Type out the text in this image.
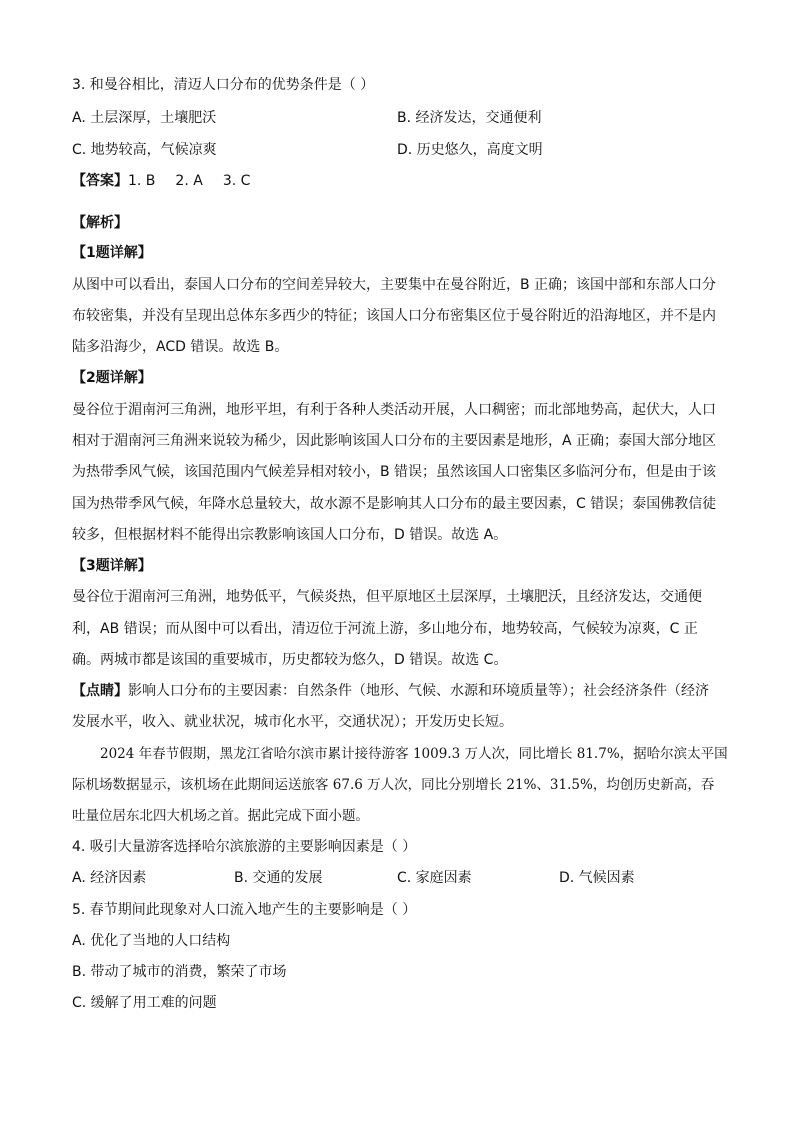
3. 和曼谷相比，清迈人口分布的优势条件是（ ）
A. 土层深厚，土壤肥沃	B. 经济发达，交通便利
C. 地势较高，气候凉爽	D. 历史悠久，高度文明
【答案】1. B 2. A 3. C
【解析】
【1题详解】
从图中可以看出，泰国人口分布的空间差异较大，主要集中在曼谷附近，B 正确；该国中部和东部人口分
布较密集，并没有呈现出总体东多西少的特征；该国人口分布密集区位于曼谷附近的沿海地区，并不是内
陆多沿海少，ACD 错误。故选 B。
【2题详解】
曼谷位于湄南河三角洲，地形平坦，有利于各种人类活动开展，人口稠密；而北部地势高，起伏大，人口
相对于湄南河三角洲来说较为稀少，因此影响该国人口分布的主要因素是地形，A 正确；泰国大部分地区
为热带季风气候，该国范围内气候差异相对较小，B 错误；虽然该国人口密集区多临河分布，但是由于该
国为热带季风气候，年降水总量较大，故水源不是影响其人口分布的最主要因素，C 错误；泰国佛教信徒
较多，但根据材料不能得出宗教影响该国人口分布，D 错误。故选 A。
【3题详解】
曼谷位于湄南河三角洲，地势低平，气候炎热，但平原地区土层深厚，土壤肥沃，且经济发达，交通便
利，AB 错误；而从图中可以看出，清迈位于河流上游，多山地分布，地势较高，气候较为凉爽，C 正
确。两城市都是该国的重要城市，历史都较为悠久，D 错误。故选 C。
【点睛】影响人口分布的主要因素：自然条件（地形、气候、水源和环境质量等）；社会经济条件（经济
发展水平，收入、就业状况，城市化水平，交通状况）；开发历史长短。
2024 年春节假期，黑龙江省哈尔滨市累计接待游客 1009.3 万人次，同比增长 81.7%，据哈尔滨太平国
际机场数据显示，该机场在此期间运送旅客 67.6 万人次，同比分别增长 21%、31.5%，均创历史新高，吞
吐量位居东北四大机场之首。据此完成下面小题。
4. 吸引大量游客选择哈尔滨旅游的主要影响因素是（ ）
A. 经济因素	B. 交通的发展	C. 家庭因素	D. 气候因素
5. 春节期间此现象对人口流入地产生的主要影响是（ ）
A. 优化了当地的人口结构
B. 带动了城市的消费，繁荣了市场
C. 缓解了用工难的问题
